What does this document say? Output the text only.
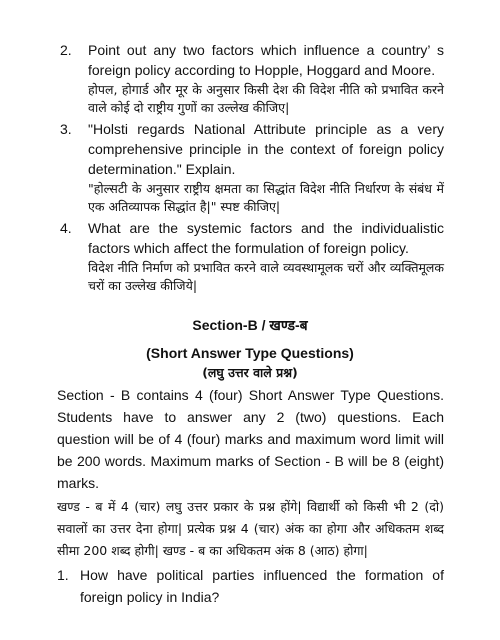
2. Point out any two factors which influence a country’ s foreign policy according to Hopple, Hoggard and Moore.
होपल, होगार्ड और मूर के अनुसार किसी देश की विदेश नीति को प्रभावित करने वाले कोई दो राष्ट्रीय गुणों का उल्लेख कीजिए|
3. "Holsti regards National Attribute principle as a very comprehensive principle in the context of foreign policy determination." Explain.
"होल्सटी के अनुसार राष्ट्रीय क्षमता का सिद्धांत विदेश नीति निर्धारण के संबंध में एक अतिव्यापक सिद्धांत है|" स्पष्ट कीजिए|
4. What are the systemic factors and the individualistic factors which affect the formulation of foreign policy.
विदेश नीति निर्माण को प्रभावित करने वाले व्यवस्थामूलक चरों और व्यक्तिमूलक चरों का उल्लेख कीजिये|
Section-B / खण्ड-ब
(Short Answer Type Questions)
(लघु उत्तर वाले प्रश्न)
Section - B contains 4 (four) Short Answer Type Questions. Students have to answer any 2 (two) questions. Each question will be of 4 (four) marks and maximum word limit will be 200 words. Maximum marks of Section - B will be 8 (eight) marks.
खण्ड - ब में 4 (चार) लघु उत्तर प्रकार के प्रश्न होंगे| विद्यार्थी को किसी भी 2 (दो) सवालों का उत्तर देना होगा| प्रत्येक प्रश्न 4 (चार) अंक का होगा और अधिकतम शब्द सीमा 200 शब्द होगी| खण्ड - ब का अधिकतम अंक 8 (आठ) होगा|
1. How have political parties influenced the formation of foreign policy in India?
